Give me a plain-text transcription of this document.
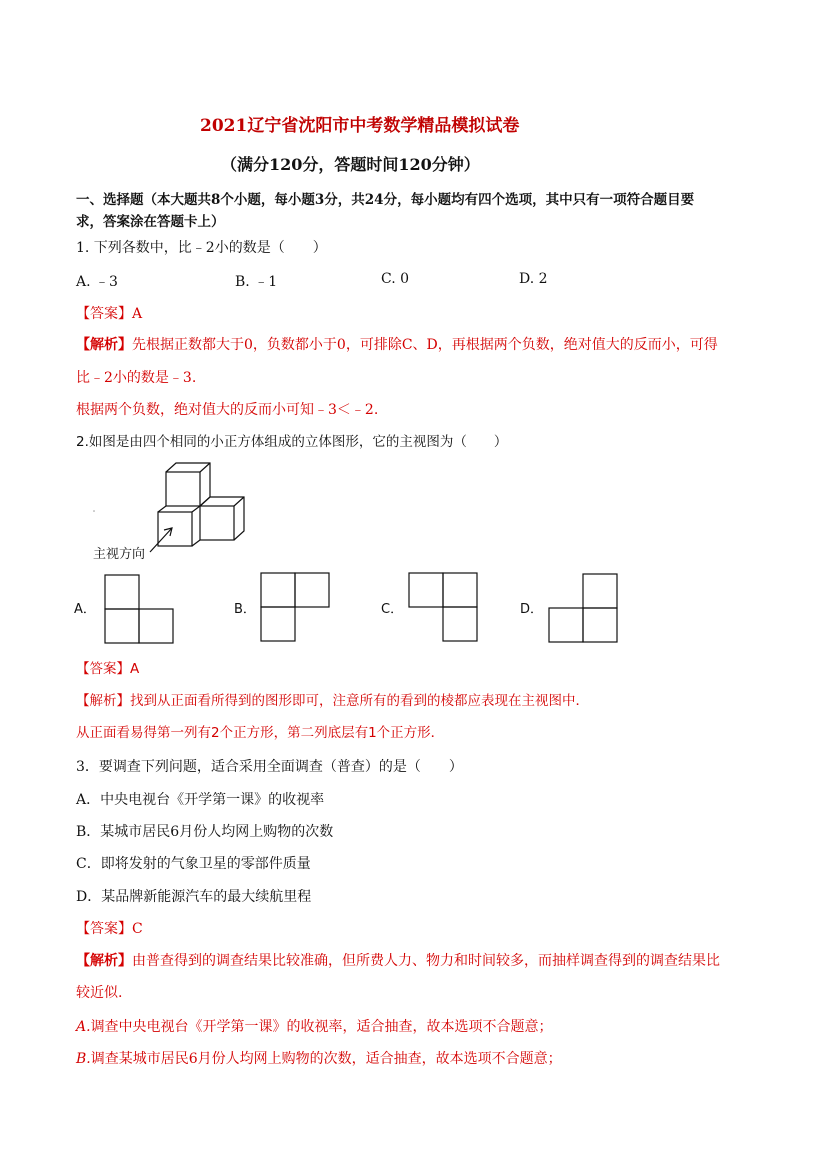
2021辽宁省沈阳市中考数学精品模拟试卷
（满分120分，答题时间120分钟）
一、选择题（本大题共8个小题，每小题3分，共24分，每小题均有四个选项，其中只有一项符合题目要
求，答案涂在答题卡上）
1. 下列各数中，比﹣2小的数是（　　）
A. ﹣3	B. ﹣1	C. 0	D. 2
【答案】A
【解析】先根据正数都大于0，负数都小于0，可排除C、D，再根据两个负数，绝对值大的反而小，可得
比﹣2小的数是﹣3.
根据两个负数，绝对值大的反而小可知﹣3＜﹣2.
2.如图是由四个相同的小正方体组成的立体图形，它的主视图为（　　）
主视方向
A．	B．	C．	D．
【答案】A
【解析】找到从正面看所得到的图形即可，注意所有的看到的棱都应表现在主视图中．
从正面看易得第一列有2个正方形，第二列底层有1个正方形．
3．要调查下列问题，适合采用全面调查（普查）的是（　　）
A．中央电视台《开学第一课》的收视率
B．某城市居民6月份人均网上购物的次数
C．即将发射的气象卫星的零部件质量
D．某品牌新能源汽车的最大续航里程
【答案】C
【解析】由普查得到的调查结果比较准确，但所费人力、物力和时间较多，而抽样调查得到的调查结果比
较近似.
A.调查中央电视台《开学第一课》的收视率，适合抽查，故本选项不合题意；
B.调查某城市居民6月份人均网上购物的次数，适合抽查，故本选项不合题意；
